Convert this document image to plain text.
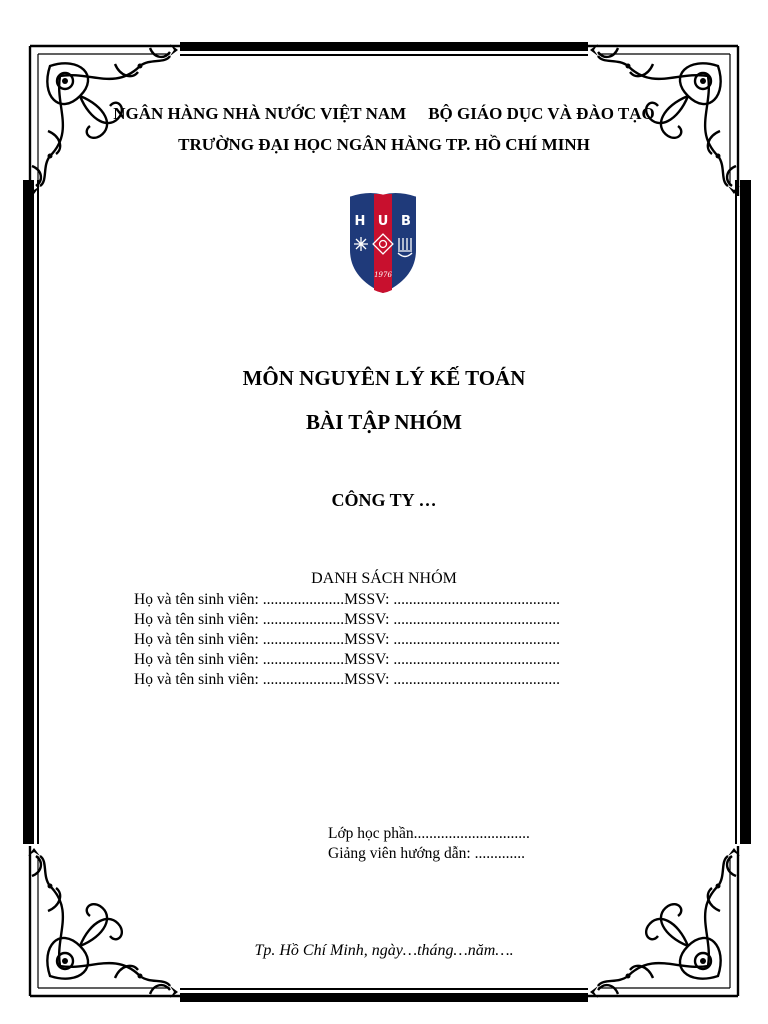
NGÂN HÀNG NHÀ NƯỚC VIỆT NAM BỘ GIÁO DỤC VÀ ĐÀO TẠO
TRƯỜNG ĐẠI HỌC NGÂN HÀNG TP. HỒ CHÍ MINH
H U B
1976
MÔN NGUYÊN LÝ KẾ TOÁN
BÀI TẬP NHÓM
CÔNG TY …
DANH SÁCH NHÓM
Họ và tên sinh viên: .....................MSSV: ...........................................
Họ và tên sinh viên: .....................MSSV: ...........................................
Họ và tên sinh viên: .....................MSSV: ...........................................
Họ và tên sinh viên: .....................MSSV: ...........................................
Họ và tên sinh viên: .....................MSSV: ...........................................
Lớp học phần..............................
Giảng viên hướng dẫn: .............
Tp. Hồ Chí Minh, ngày…tháng…năm….
